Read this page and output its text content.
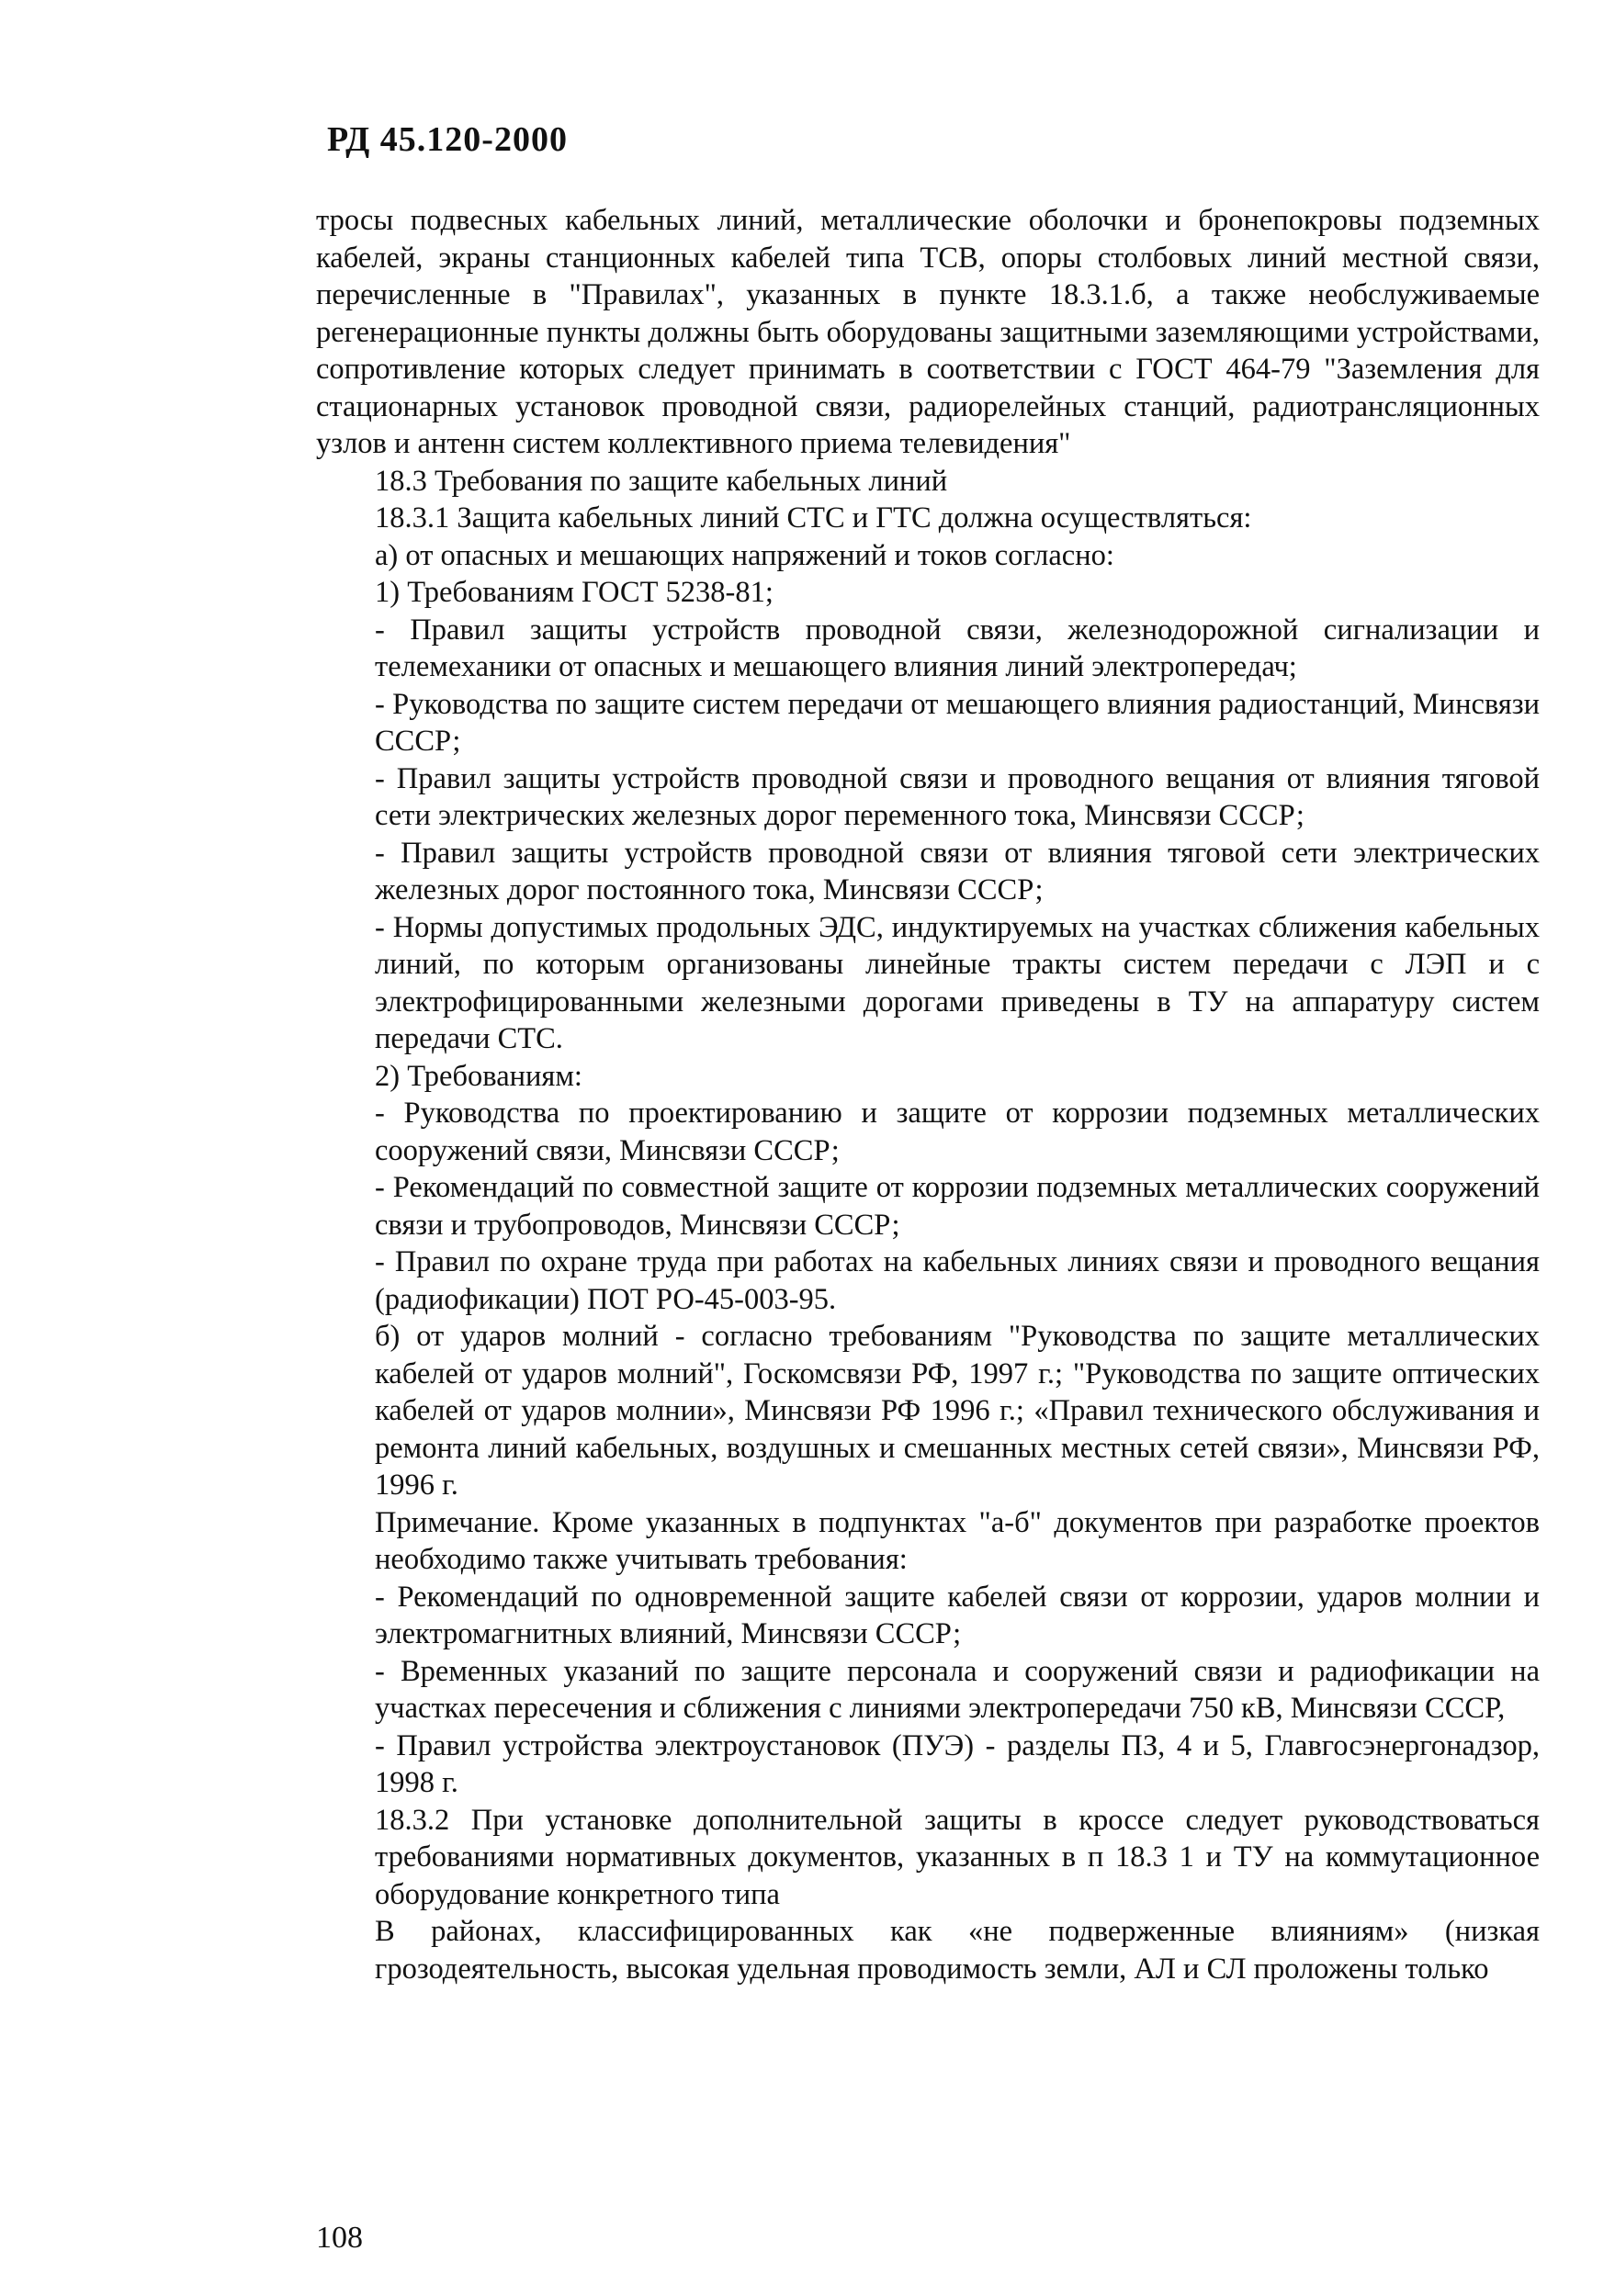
РД 45.120-2000

тросы подвесных кабельных линий, металлические оболочки и бронепокровы подземных кабелей, экраны станционных кабелей типа ТСВ, опоры столбовых линий местной связи, перечисленные в "Правилах", указанных в пункте 18.3.1.б, а также необслуживаемые регенерационные пункты должны быть оборудованы защитными заземляющими устройствами, сопротивление которых следует принимать в соответствии с ГОСТ 464-79 "Заземления для стационарных установок проводной связи, радиорелейных станций, радиотрансляционных узлов и антенн систем коллективного приема телевидения"

18.3 Требования по защите кабельных линий

18.3.1 Защита кабельных линий СТС и ГТС должна осуществляться:

а) от опасных и мешающих напряжений и токов согласно:

1) Требованиям ГОСТ 5238-81;

- Правил защиты устройств проводной связи, железнодорожной сигнализации и телемеханики от опасных и мешающего влияния линий электропередач;

- Руководства по защите систем передачи от мешающего влияния радиостанций, Минсвязи СССР;

- Правил защиты устройств проводной связи и проводного вещания от влияния тяговой сети электрических железных дорог переменного тока, Минсвязи СССР;

- Правил защиты устройств проводной связи от влияния тяговой сети электрических железных дорог постоянного тока, Минсвязи СССР;

- Нормы допустимых продольных ЭДС, индуктируемых на участках сближения кабельных линий, по которым организованы линейные тракты систем передачи с ЛЭП и с электрофицированными железными дорогами приведены в ТУ на аппаратуру систем передачи СТС.

2) Требованиям:

- Руководства по проектированию и защите от коррозии подземных металлических сооружений связи, Минсвязи СССР;

- Рекомендаций по совместной защите от коррозии подземных металлических сооружений связи и трубопроводов, Минсвязи СССР;

- Правил по охране труда при работах на кабельных линиях связи и проводного вещания (радиофикации) ПОТ РО-45-003-95.

б) от ударов молний - согласно требованиям "Руководства по защите металлических кабелей от ударов молний", Госкомсвязи РФ, 1997 г.; "Руководства по защите оптических кабелей от ударов молнии», Минсвязи РФ 1996 г.; «Правил технического обслуживания и ремонта линий кабельных, воздушных и смешанных местных сетей связи», Минсвязи РФ, 1996 г.

Примечание. Кроме указанных в подпунктах "а-б" документов при разработке проектов необходимо также учитывать требования:

- Рекомендаций по одновременной защите кабелей связи от коррозии, ударов молнии и электромагнитных влияний, Минсвязи СССР;

- Временных указаний по защите персонала и сооружений связи и радиофикации на участках пересечения и сближения с линиями электропередачи 750 кВ, Минсвязи СССР,

- Правил устройства электроустановок (ПУЭ) - разделы ПЗ, 4 и 5, Главгосэнергонадзор, 1998 г.

18.3.2 При установке дополнительной защиты в кроссе следует руководствоваться требованиями нормативных документов, указанных в п 18.3 1 и ТУ на коммутационное оборудование конкретного типа

В районах, классифицированных как «не подверженные влияниям» (низкая грозодеятельность, высокая удельная проводимость земли, АЛ и СЛ проложены только

108
